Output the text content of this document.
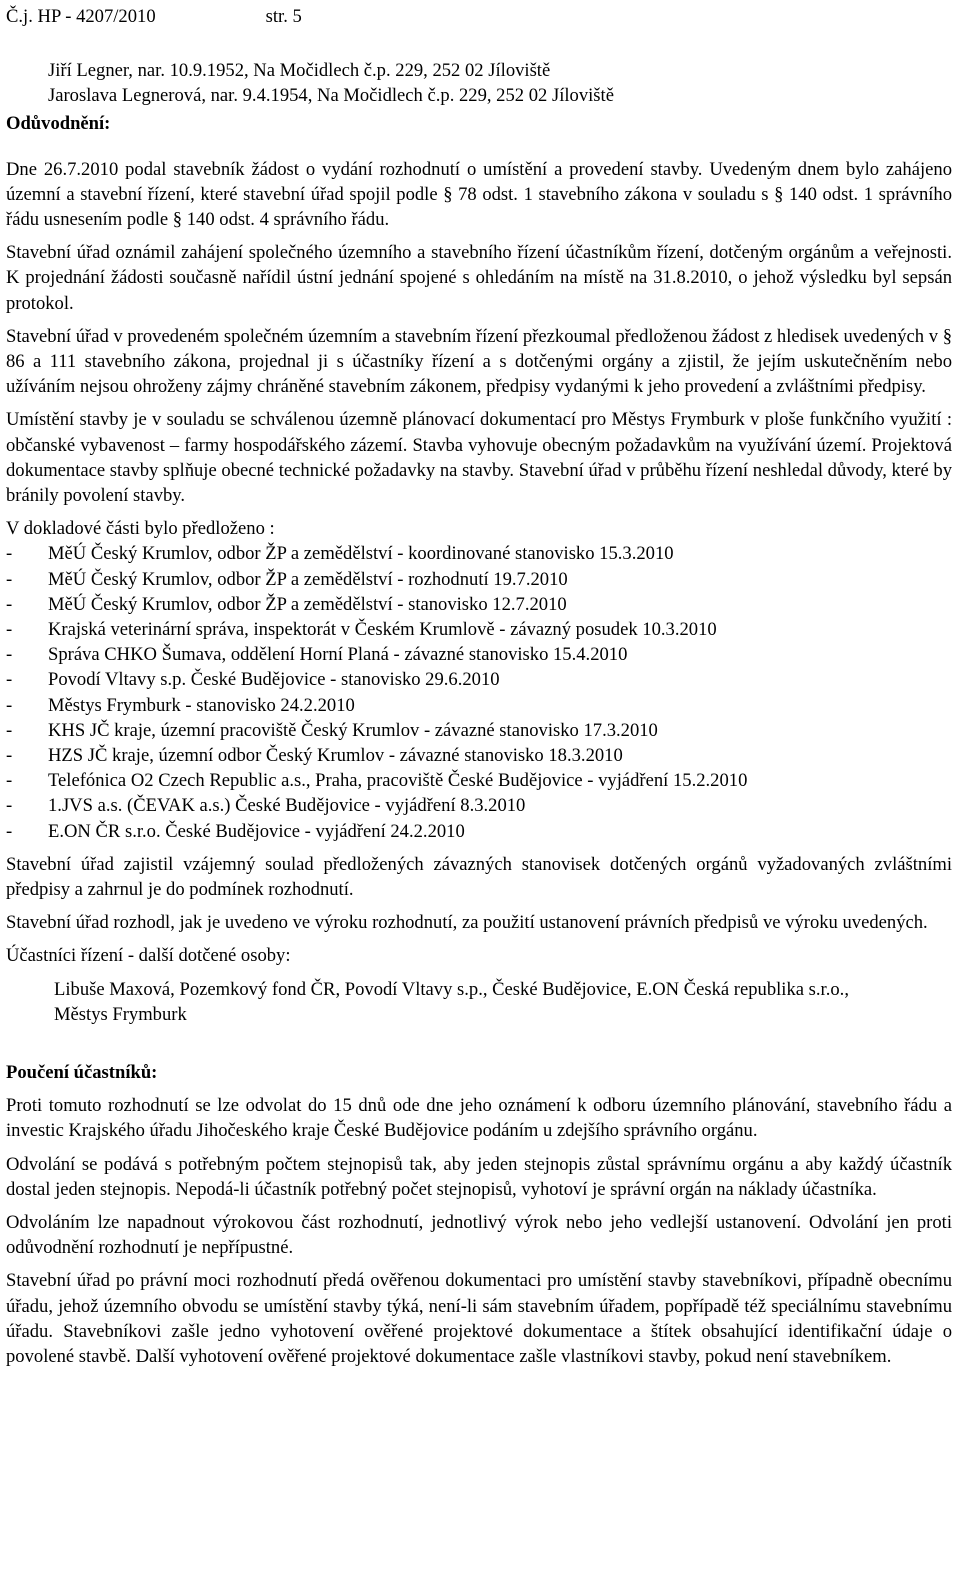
Č.j. HP - 4207/2010	str. 5
Jiří Legner, nar. 10.9.1952, Na Močidlech č.p. 229, 252 02 Jíloviště
Jaroslava Legnerová, nar. 9.4.1954, Na Močidlech č.p. 229, 252 02 Jíloviště
Odůvodnění:

Dne 26.7.2010 podal stavebník žádost o vydání rozhodnutí o umístění a provedení stavby. Uvedeným dnem bylo zahájeno územní a stavební řízení, které stavební úřad spojil podle § 78 odst. 1 stavebního zákona v souladu s § 140 odst. 1 správního řádu usnesením podle § 140 odst. 4 správního řádu.

Stavební úřad oznámil zahájení společného územního a stavebního řízení účastníkům řízení, dotčeným orgánům a veřejnosti. K projednání žádosti současně nařídil ústní jednání spojené s ohledáním na místě na 31.8.2010, o jehož výsledku byl sepsán protokol.

Stavební úřad v provedeném společném územním a stavebním řízení přezkoumal předloženou žádost z hledisek uvedených v § 86 a 111 stavebního zákona, projednal ji s účastníky řízení a s dotčenými orgány a zjistil, že jejím uskutečněním nebo užíváním nejsou ohroženy zájmy chráněné stavebním zákonem, předpisy vydanými k jeho provedení a zvláštními předpisy.

Umístění stavby je v souladu se schválenou územně plánovací dokumentací pro Městys Frymburk v ploše funkčního využití : občanské vybavenost – farmy hospodářského zázemí. Stavba vyhovuje obecným požadavkům na využívání území. Projektová dokumentace stavby splňuje obecné technické požadavky na stavby. Stavební úřad v průběhu řízení neshledal důvody, které by bránily povolení stavby.

V dokladové části bylo předloženo :

- MěÚ Český Krumlov, odbor ŽP a zemědělství - koordinované stanovisko 15.3.2010
- MěÚ Český Krumlov, odbor ŽP a zemědělství - rozhodnutí 19.7.2010
- MěÚ Český Krumlov, odbor ŽP a zemědělství - stanovisko 12.7.2010
- Krajská veterinární správa, inspektorát v Českém Krumlově - závazný posudek 10.3.2010
- Správa CHKO Šumava, oddělení Horní Planá - závazné stanovisko 15.4.2010
- Povodí Vltavy s.p. České Budějovice - stanovisko 29.6.2010
- Městys Frymburk - stanovisko 24.2.2010
- KHS JČ kraje, územní pracoviště Český Krumlov - závazné stanovisko 17.3.2010
- HZS JČ kraje, územní odbor Český Krumlov - závazné stanovisko 18.3.2010
- Telefónica O2 Czech Republic a.s., Praha, pracoviště České Budějovice - vyjádření 15.2.2010
- 1.JVS a.s. (ČEVAK a.s.) České Budějovice - vyjádření 8.3.2010
- E.ON ČR s.r.o. České Budějovice - vyjádření 24.2.2010

Stavební úřad zajistil vzájemný soulad předložených závazných stanovisek dotčených orgánů vyžadovaných zvláštními předpisy a zahrnul je do podmínek rozhodnutí.

Stavební úřad rozhodl, jak je uvedeno ve výroku rozhodnutí, za použití ustanovení právních předpisů ve výroku uvedených.

Účastníci řízení - další dotčené osoby:

Libuše Maxová, Pozemkový fond ČR, Povodí Vltavy s.p., České Budějovice, E.ON Česká republika s.r.o., Městys Frymburk
Poučení účastníků:

Proti tomuto rozhodnutí se lze odvolat do 15 dnů ode dne jeho oznámení k odboru územního plánování, stavebního řádu a investic Krajského úřadu Jihočeského kraje České Budějovice podáním u zdejšího správního orgánu.

Odvolání se podává s potřebným počtem stejnopisů tak, aby jeden stejnopis zůstal správnímu orgánu a aby každý účastník dostal jeden stejnopis. Nepodá-li účastník potřebný počet stejnopisů, vyhotoví je správní orgán na náklady účastníka.

Odvoláním lze napadnout výrokovou část rozhodnutí, jednotlivý výrok nebo jeho vedlejší ustanovení. Odvolání jen proti odůvodnění rozhodnutí je nepřípustné.

Stavební úřad po právní moci rozhodnutí předá ověřenou dokumentaci pro umístění stavby stavebníkovi, případně obecnímu úřadu, jehož územního obvodu se umístění stavby týká, není-li sám stavebním úřadem, popřípadě též speciálnímu stavebnímu úřadu. Stavebníkovi zašle jedno vyhotovení ověřené projektové dokumentace a štítek obsahující identifikační údaje o povolené stavbě. Další vyhotovení ověřené projektové dokumentace zašle vlastníkovi stavby, pokud není stavebníkem.
